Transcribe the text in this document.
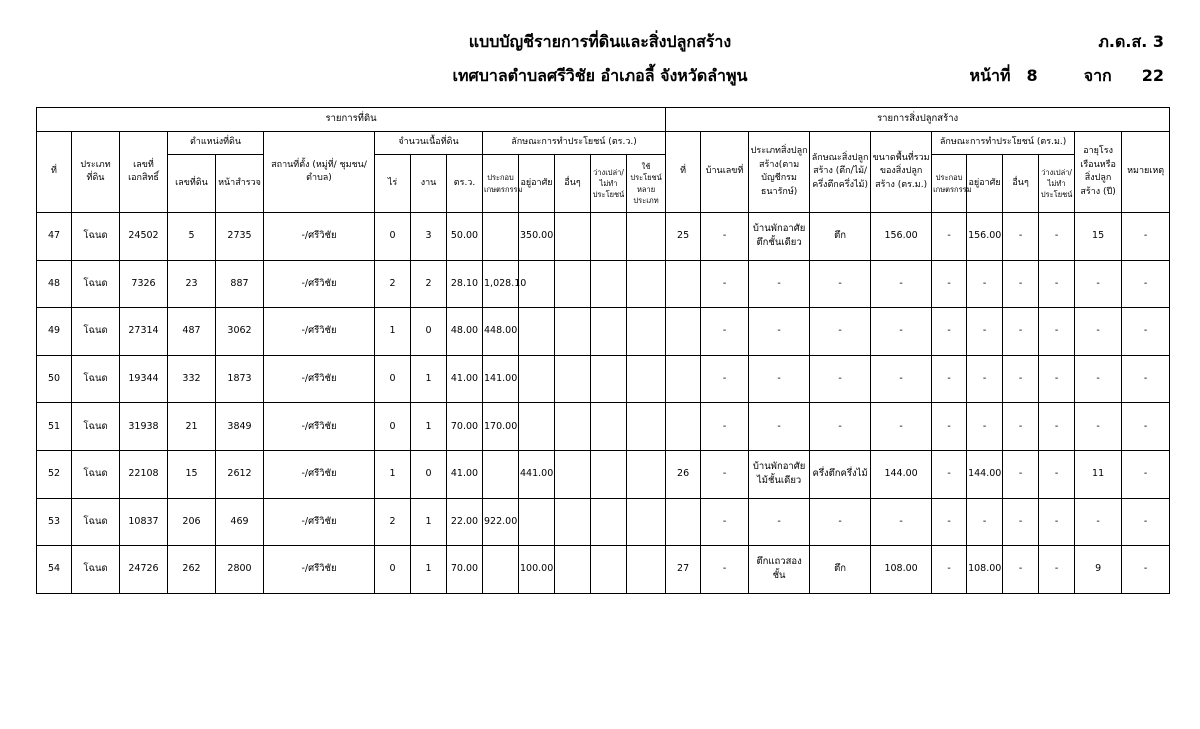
แบบบัญชีรายการที่ดินและสิ่งปลูกสร้าง	ภ.ด.ส. 3
เทศบาลตำบลศรีวิชัย อำเภอลี้ จังหวัดลำพูน	หน้าที่ 8	จาก 22
รายการที่ดิน														รายการสิ่งปลูกสร้าง										
ที่	ประเภทที่ดิน	เลขที่เอกสิทธิ์	ตำแหน่งที่ดิน		สถานที่ตั้ง (หมู่ที่/ ชุมชน/ ตำบล)	จำนวนเนื้อที่ดิน			ลักษณะการทำประโยชน์ (ตร.ว.)					ที่	บ้านเลขที่	ประเภทสิ่งปลูกสร้าง(ตามบัญชีกรมธนารักษ์)	ลักษณะสิ่งปลูกสร้าง (ตึก/ไม้/ ครึ่งตึกครึ่งไม้)	ขนาดพื้นที่รวมของสิ่งปลูกสร้าง (ตร.ม.)	ลักษณะการทำประโยชน์ (ตร.ม.)				อายุโรงเรือนหรือสิ่งปลูกสร้าง (ปี)	หมายเหตุ
			เลขที่ดิน	หน้าสำรวจ		ไร่	งาน	ตร.ว.	ประกอบเกษตรกรรม	อยู่อาศัย	อื่นๆ	ว่างเปล่า/ ไม่ทำประโยชน์	ใช้ประโยชน์หลายประเภท						ประกอบเกษตรกรรม	อยู่อาศัย	อื่นๆ	ว่างเปล่า/ ไม่ทำประโยชน์		
47	โฉนด	24502	5	2735	-/ศรีวิชัย	0	3	50.00		350.00				25	-	บ้านพักอาศัยตึกชั้นเดียว	ตึก	156.00	-	156.00	-	-	15	-
48	โฉนด	7326	23	887	-/ศรีวิชัย	2	2	28.10	1,028.10						-	-	-	-	-	-	-	-	-	-
49	โฉนด	27314	487	3062	-/ศรีวิชัย	1	0	48.00	448.00						-	-	-	-	-	-	-	-	-	-
50	โฉนด	19344	332	1873	-/ศรีวิชัย	0	1	41.00	141.00						-	-	-	-	-	-	-	-	-	-
51	โฉนด	31938	21	3849	-/ศรีวิชัย	0	1	70.00	170.00						-	-	-	-	-	-	-	-	-	-
52	โฉนด	22108	15	2612	-/ศรีวิชัย	1	0	41.00		441.00				26	-	บ้านพักอาศัยไม้ชั้นเดียว	ครึ่งตึกครึ่งไม้	144.00	-	144.00	-	-	11	-
53	โฉนด	10837	206	469	-/ศรีวิชัย	2	1	22.00	922.00						-	-	-	-	-	-	-	-	-	-
54	โฉนด	24726	262	2800	-/ศรีวิชัย	0	1	70.00		100.00				27	-	ตึกแถวสองชั้น	ตึก	108.00	-	108.00	-	-	9	-
